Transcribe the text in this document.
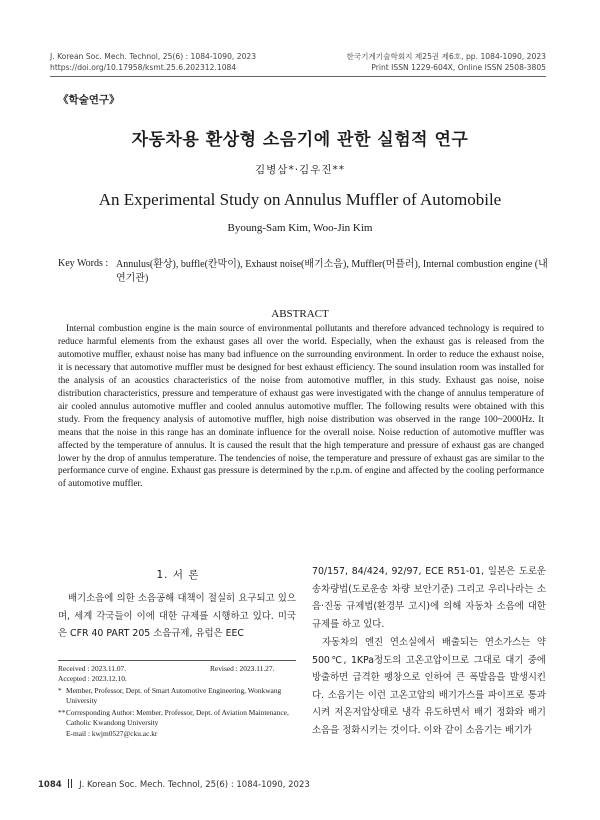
J. Korean Soc. Mech. Technol, 25(6) : 1084-1090, 2023
https://doi.org/10.17958/ksmt.25.6.202312.1084
한국기계기술학회지 제25권 제6호, pp. 1084-1090, 2023
Print ISSN 1229-604X, Online ISSN 2508-3805
《학술연구》
자동차용 환상형 소음기에 관한 실험적 연구
김병삼*·김우진**
An Experimental Study on Annulus Muffler of Automobile
Byoung-Sam Kim, Woo-Jin Kim
Key Words : Annulus(환상), buffle(칸막이), Exhaust noise(배기소음), Muffler(머플러), Internal combustion engine (내연기관)
ABSTRACT
Internal combustion engine is the main source of environmental pollutants and therefore advanced technology is required to reduce harmful elements from the exhaust gases all over the world. Especially, when the exhaust gas is released from the automotive muffler, exhaust noise has many bad influence on the surrounding environment. In order to reduce the exhaust noise, it is necessary that automotive muffler must be designed for best exhaust efficiency. The sound insulation room was installed for the analysis of an acoustics characteristics of the noise from automotive muffler, in this study. Exhaust gas noise, noise distribution characteristics, pressure and temperature of exhaust gas were investigated with the change of annulus temperature of air cooled annulus automotive muffler and cooled annulus automotive muffler. The following results were obtained with this study. From the frequency analysis of automotive muffler, high noise distribution was observed in the range 100~2000Hz. It means that the noise in this range has an dominate influence for the overall noise. Noise reduction of automotive muffler was affected by the temperature of annulus. It is caused the result that the high temperature and pressure of exhaust gas are changed lower by the drop of annulus temperature. The tendencies of noise, the temperature and pressure of exhaust gas are similar to the performance curve of engine. Exhaust gas pressure is determined by the r.p.m. of engine and affected by the cooling performance of automotive muffler.
1. 서 론
배기소음에 의한 소음공해 대책이 절실히 요구되고 있으며, 세계 각국들이 이에 대한 규제를 시행하고 있다. 미국은 CFR 40 PART 205 소음규제, 유럽은 EEC
Received : 2023.11.07.	Revised : 2023.11.27.
Accepted : 2023.12.10.
* Member, Professor, Dept. of Smart Automotive Engineering, Wonkwang University
** Corresponding Author: Member, Professor, Dept. of Aviation Maintenance, Catholic Kwandong University
E-mail : kwjm0527@cku.ac.kr
70/157, 84/424, 92/97, ECE R51-01, 일본은 도로운송차량법(도로운송 차량 보안기준) 그리고 우리나라는 소음·진동 규제법(환경부 고시)에 의해 자동차 소음에 대한 규제를 하고 있다.
자동차의 엔진 연소실에서 배출되는 연소가스는 약 500℃, 1KPa정도의 고온고압이므로 그대로 대기 중에 방출하면 급격한 팽창으로 인하여 큰 폭발음을 발생시킨다. 소음기는 이런 고온고압의 배기가스를 파이프로 통과시켜 저온저압상태로 냉각 유도하면서 배기 정화와 배기소음을 정화시키는 것이다. 이와 같이 소음기는 배기가
1084 J. Korean Soc. Mech. Technol, 25(6) : 1084-1090, 2023
